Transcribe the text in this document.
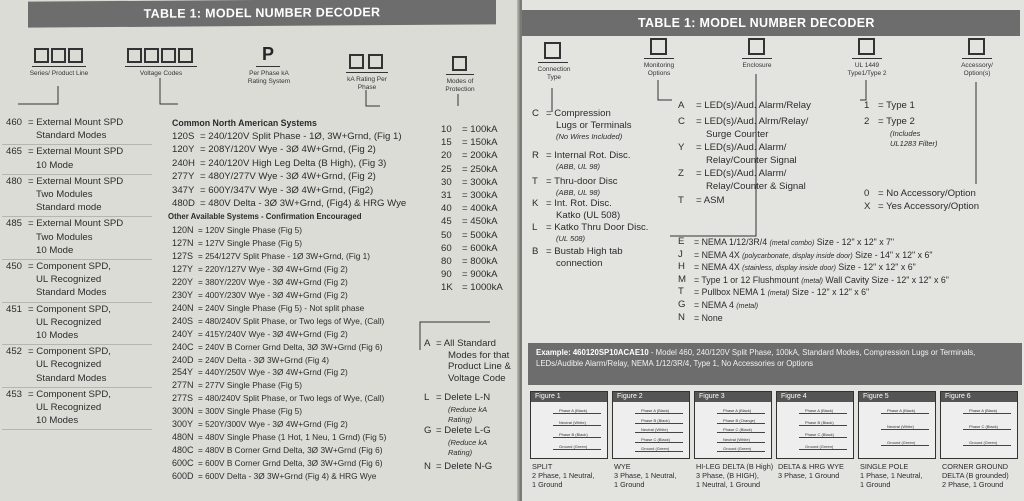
TABLE 1: MODEL NUMBER DECODER
Series/ Product Line	Voltage Codes
P
Per Phase kA Rating System	kA Rating Per Phase
Modes of Protection
460 = External Mount SPD
Standard Modes
465 = External Mount SPD
10 Mode
480 = External Mount SPD
Two Modules
Standard mode
485 = External Mount SPD
Two Modules
10 Mode
450 = Component SPD,
UL Recognized
Standard Modes
451 = Component SPD,
UL Recognized
10 Modes
452 = Component SPD,
UL Recognized
Standard Modes
453 = Component SPD,
UL Recognized
10 Modes
Common North American Systems
120S = 240/120V Split Phase - 1Ø, 3W+Grnd, (Fig 1)
120Y = 208Y/120V Wye - 3Ø 4W+Grnd, (Fig 2)
240H = 240/120V High Leg Delta (B High), (Fig 3)
277Y = 480Y/277V Wye - 3Ø 4W+Grnd, (Fig 2)
347Y = 600Y/347V Wye - 3Ø 4W+Grnd, (Fig2)
480D = 480V Delta - 3Ø 3W+Grnd, (Fig4) & HRG Wye
Other Available Systems - Confirmation Encouraged
120N = 120V Single Phase (Fig 5)
127N = 127V Single Phase (Fig 5)
127S = 254/127V Split Phase - 1Ø 3W+Grnd, (Fig 1)
127Y = 220Y/127V Wye - 3Ø 4W+Grnd (Fig 2)
220Y = 380Y/220V Wye - 3Ø 4W+Grnd (Fig 2)
230Y = 400Y/230V Wye - 3Ø 4W+Grnd (Fig 2)
240N = 240V Single Phase (Fig 5) - Not split phase
240S = 480/240V Split Phase, or Two legs of Wye, (Call)
240Y = 415Y/240V Wye - 3Ø 4W+Grnd (Fig 2)
240C = 240V B Corner Grnd Delta, 3Ø 3W+Grnd (Fig 6)
240D = 240V Delta - 3Ø 3W+Grnd (Fig 4)
254Y = 440Y/250V Wye - 3Ø 4W+Grnd (Fig 2)
277N = 277V Single Phase (Fig 5)
277S = 480/240V Split Phase, or Two legs of Wye, (Call)
300N = 300V Single Phase (Fig 5)
300Y = 520Y/300V Wye - 3Ø 4W+Grnd (Fig 2)
480N = 480V Single Phase (1 Hot, 1 Neu, 1 Grnd) (Fig 5)
480C = 480V B Corner Grnd Delta, 3Ø 3W+Grnd (Fig 6)
600C = 600V B Corner Grnd Delta, 3Ø 3W+Grnd (Fig 6)
600D = 600V Delta - 3Ø 3W+Grnd (Fig 4) & HRG Wye
10 = 100kA
15 = 150kA
20 = 200kA
25 = 250kA
30 = 300kA
31 = 300kA
40 = 400kA
45 = 450kA
50 = 500kA
60 = 600kA
80 = 800kA
90 = 900kA
1K = 1000kA
A = All Standard
Modes for that
Product Line &
Voltage Code
L = Delete L-N
(Reduce kA
Rating)
G = Delete L-G
(Reduce kA
Rating)
N = Delete N-G
TABLE 1: MODEL NUMBER DECODER
Connection Type
Monitoring Options
Enclosure	UL 1449 Type1/Type 2
Accessory/ Option(s)
C = Compression
Lugs or Terminals
(No Wires Included)
R = Internal Rot. Disc.
(ABB, UL 98)
T = Thru-door Disc
(ABB, UL 98)
K = Int. Rot. Disc.
Katko (UL 508)
L = Katko Thru Door Disc.
(UL 508)
B = Bustab High tab
connection
A = LED(s)/Aud. Alarm/Relay
C = LED(s)/Aud. Alrm/Relay/
Surge Counter
Y = LED(s)/Aud. Alarm/
Relay/Counter Signal
Z = LED(s)/Aud. Alarm/
Relay/Counter & Signal
T = ASM
1 = Type 1
2 = Type 2
(Includes
UL1283 Filter)
0 = No Accessory/Option
X = Yes Accessory/Option
E = NEMA 1/12/3R/4 (metal combo) Size - 12" x 12" x 7"
J = NEMA 4X (polycarbonate, display inside door) Size - 14" x 12" x 6"
H = NEMA 4X (stainless, display inside door) Size - 12" x 12" x 6"
M = Type 1 or 12 Flushmount (metal) Wall Cavity Size - 12" x 12" x 6"
T = Pullbox NEMA 1 (metal) Size - 12" x 12" x 6"
G = NEMA 4 (metal)
N = None
Example: 460120SP10ACAE10 - Model 460, 240/120V Split Phase, 100kA, Standard Modes, Compression Lugs or Terminals, LEDs/Audible Alarm/Relay, NEMA 1/12/3R/4, Type 1, No Accessories or Options
Figure 1
Phase A (Black)
Neutral (White)
Phase B (Black)
Ground (Green)
SPLIT
2 Phase, 1 Neutral,
1 Ground
Figure 2
Phase A (Black)
Phase B (Black)
Neutral (White)
Phase C (Black)
Ground (Green)
WYE
3 Phase, 1 Neutral,
1 Ground
Figure 3
Phase A (Black)
Phase B (Orange)
Phase C (Black)
Neutral (White)
Ground (Green)
HI-LEG DELTA (B High)
3 Phase, (B HIGH),
1 Neutral, 1 Ground
Figure 4
Phase A (Black)
Phase B (Black)
Phase C (Black)
Ground (Green)
DELTA & HRG WYE
3 Phase, 1 Ground
Figure 5
Phase A (Black)
Neutral (White)
Ground (Green)
SINGLE POLE
1 Phase, 1 Neutral,
1 Ground
Figure 6
Phase A (Black)
Phase C (Black)
Ground (Green)
CORNER GROUND
DELTA (B grounded)
2 Phase, 1 Ground
